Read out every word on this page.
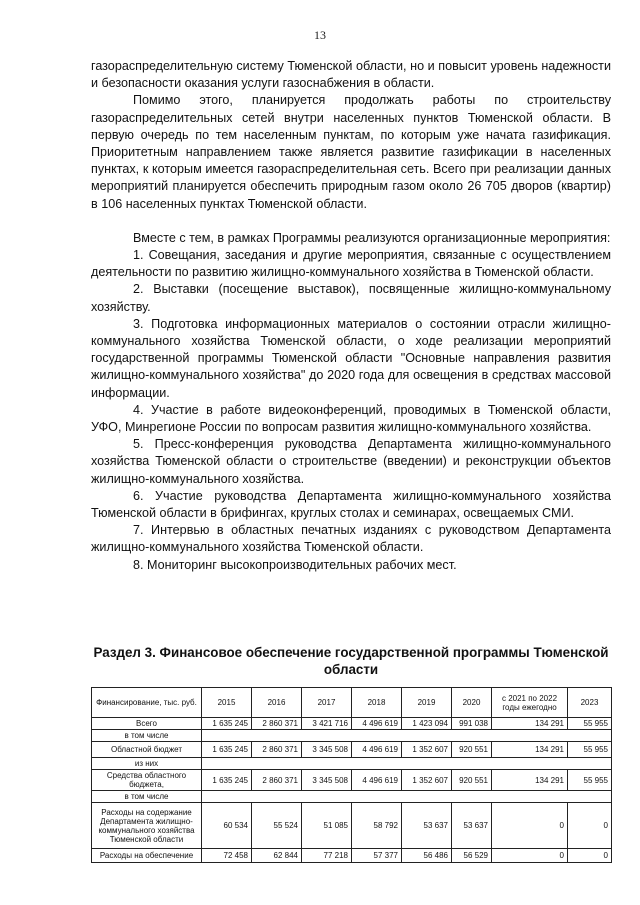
13

газораспределительную систему Тюменской области, но и повысит уровень надежности и безопасности оказания услуги газоснабжения в области.

Помимо этого, планируется продолжать работы по строительству газораспределительных сетей внутри населенных пунктов Тюменской области. В первую очередь по тем населенным пунктам, по которым уже начата газификация. Приоритетным направлением также является развитие газификации в населенных пунктах, к которым имеется газораспределительная сеть. Всего при реализации данных мероприятий планируется обеспечить природным газом около 26 705 дворов (квартир) в 106 населенных пунктах Тюменской области.

Вместе с тем, в рамках Программы реализуются организационные мероприятия:

1. Совещания, заседания и другие мероприятия, связанные с осуществлением деятельности по развитию жилищно-коммунального хозяйства в Тюменской области.

2. Выставки (посещение выставок), посвященные жилищно-коммунальному хозяйству.

3. Подготовка информационных материалов о состоянии отрасли жилищно-коммунального хозяйства Тюменской области, о ходе реализации мероприятий государственной программы Тюменской области "Основные направления развития жилищно-коммунального хозяйства" до 2020 года для освещения в средствах массовой информации.

4. Участие в работе видеоконференций, проводимых в Тюменской области, УФО, Минрегионе России по вопросам развития жилищно-коммунального хозяйства.

5. Пресс-конференция руководства Департамента жилищно-коммунального хозяйства Тюменской области о строительстве (введении) и реконструкции объектов жилищно-коммунального хозяйства.

6. Участие руководства Департамента жилищно-коммунального хозяйства Тюменской области в брифингах, круглых столах и семинарах, освещаемых СМИ.

7. Интервью в областных печатных изданиях с руководством Департамента жилищно-коммунального хозяйства Тюменской области.

8. Мониторинг высокопроизводительных рабочих мест.

Раздел 3. Финансовое обеспечение государственной программы Тюменской области
Финансирование, тыс. руб.	2015	2016	2017	2018	2019	2020	с 2021 по 2022 годы ежегодно	2023
Всего	1 635 245	2 860 371	3 421 716	4 496 619	1 423 094	991 038	134 291	55 955
в том числе								
Областной бюджет	1 635 245	2 860 371	3 345 508	4 496 619	1 352 607	920 551	134 291	55 955
из них								
Средства областного бюджета,	1 635 245	2 860 371	3 345 508	4 496 619	1 352 607	920 551	134 291	55 955
в том числе								
Расходы на содержание Департамента жилищно-коммунального хозяйства Тюменской области	60 534	55 524	51 085	58 792	53 637	53 637	0	0
Расходы на обеспечение	72 458	62 844	77 218	57 377	56 486	56 529	0	0
